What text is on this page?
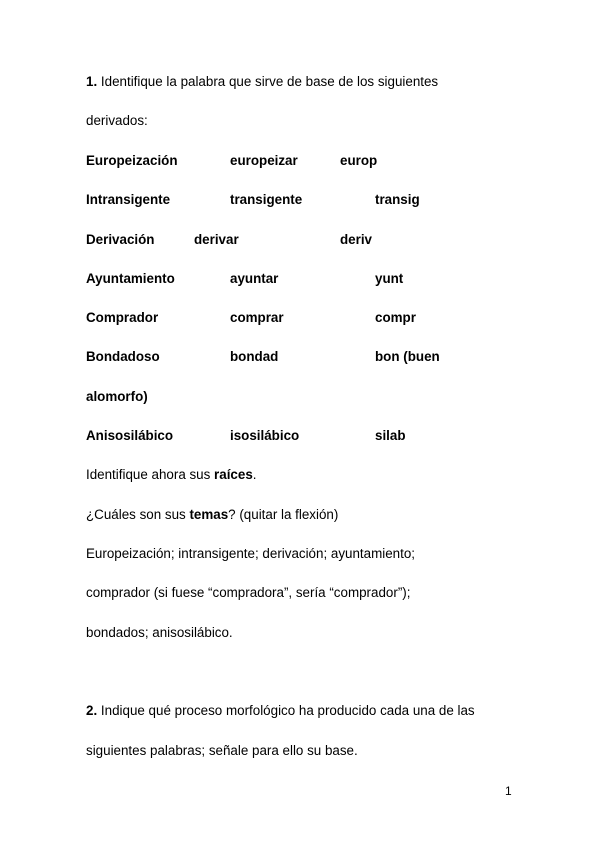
1. Identifique la palabra que sirve de base de los siguientes
derivados:
Europeización	europeizar	europ
Intransigente	transigente	transig
Derivación	derivar	deriv
Ayuntamiento	ayuntar	yunt
Comprador	comprar	compr
Bondadoso	bondad	bon (buen
alomorfo)
Anisosilábico	isosilábico	silab
Identifique ahora sus raíces.
¿Cuáles son sus temas? (quitar la flexión)
Europeización; intransigente; derivación; ayuntamiento;
comprador (si fuese “compradora”, sería “comprador”);
bondados; anisosilábico.
2. Indique qué proceso morfológico ha producido cada una de las
siguientes palabras; señale para ello su base.
1
